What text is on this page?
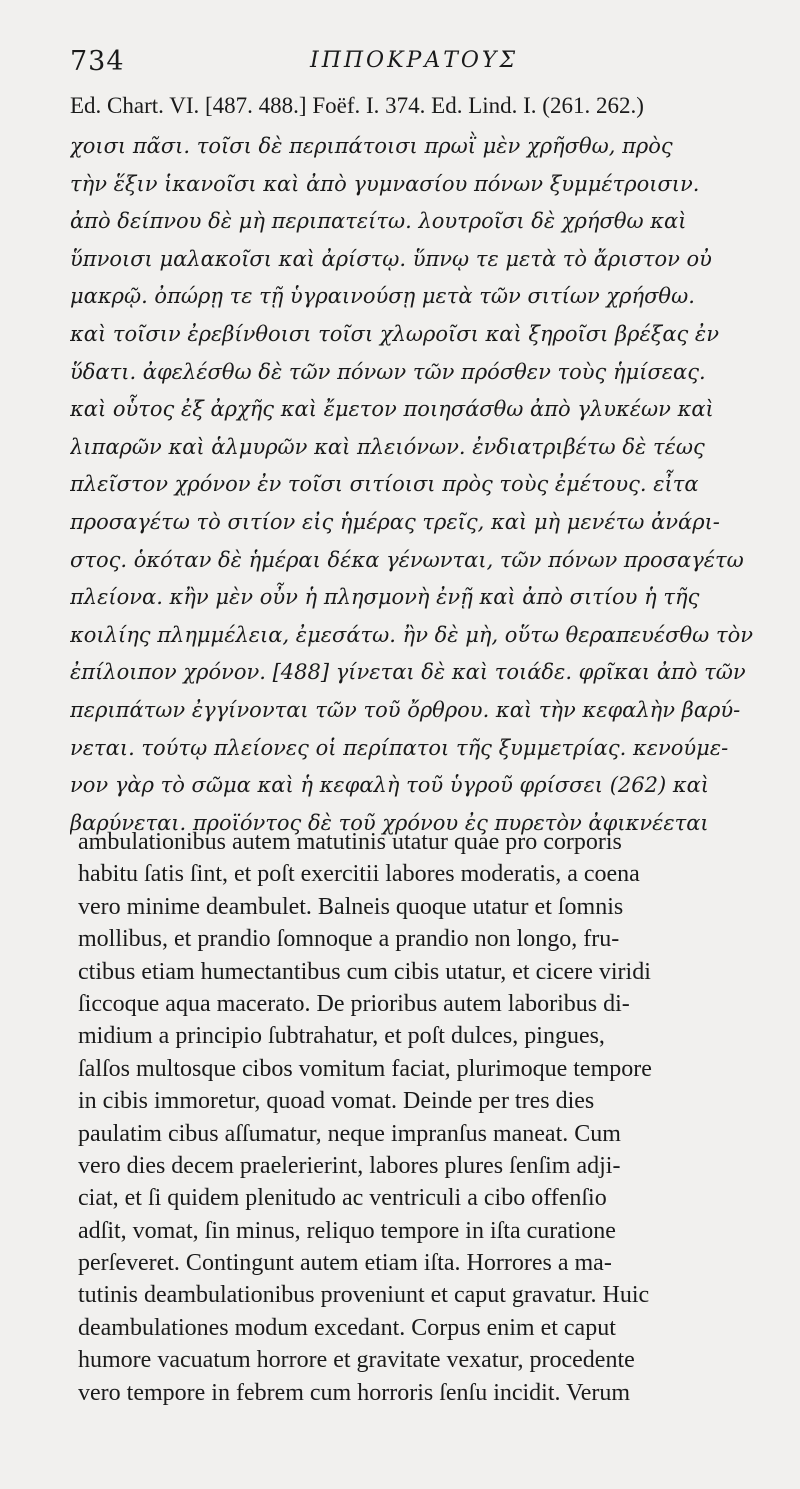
734	ΙΠΠΟΚΡΑΤΟΥΣ
Ed. Chart. VI. [487. 488.] Foëf. I. 374. Ed. Lind. I. (261. 262.)
χοισι πᾶσι. τοῖσι δὲ περιπάτοισι πρωῒ μὲν χρῆσθω, πρὸς
τὴν ἕξιν ἱκανοῖσι καὶ ἀπὸ γυμνασίου πόνων ξυμμέτροισιν.
ἀπὸ δείπνου δὲ μὴ περιπατείτω. λουτροῖσι δὲ χρήσθω καὶ
ὕπνοισι μαλακοῖσι καὶ ἀρίστῳ. ὕπνῳ τε μετὰ τὸ ἄριστον οὐ
μακρῷ. ὀπώρῃ τε τῇ ὑγραινούσῃ μετὰ τῶν σιτίων χρήσθω.
καὶ τοῖσιν ἐρεβίνθοισι τοῖσι χλωροῖσι καὶ ξηροῖσι βρέξας ἐν
ὕδατι. ἀφελέσθω δὲ τῶν πόνων τῶν πρόσθεν τοὺς ἡμίσεας.
καὶ οὗτος ἐξ ἀρχῆς καὶ ἔμετον ποιησάσθω ἀπὸ γλυκέων καὶ
λιπαρῶν καὶ ἁλμυρῶν καὶ πλειόνων. ἐνδιατριβέτω δὲ τέως
πλεῖστον χρόνον ἐν τοῖσι σιτίοισι πρὸς τοὺς ἐμέτους. εἶτα
προσαγέτω τὸ σιτίον εἰς ἡμέρας τρεῖς, καὶ μὴ μενέτω ἀνάρι-
στος. ὁκόταν δὲ ἡμέραι δέκα γένωνται, τῶν πόνων προσαγέτω
πλείονα. κἢν μὲν οὖν ἡ πλησμονὴ ἐνῇ καὶ ἀπὸ σιτίου ἡ τῆς
κοιλίης πλημμέλεια, ἐμεσάτω. ἢν δὲ μὴ, οὕτω θεραπευέσθω τὸν
ἐπίλοιπον χρόνον. [488] γίνεται δὲ καὶ τοιάδε. φρῖκαι ἀπὸ τῶν
περιπάτων ἐγγίνονται τῶν τοῦ ὄρθρου. καὶ τὴν κεφαλὴν βαρύ-
νεται. τούτῳ πλείονες οἱ περίπατοι τῆς ξυμμετρίας. κενούμε-
νον γὰρ τὸ σῶμα καὶ ἡ κεφαλὴ τοῦ ὑγροῦ φρίσσει (262) καὶ
βαρύνεται. προϊόντος δὲ τοῦ χρόνου ἐς πυρετὸν ἀφικνέεται
ambulationibus autem matutinis utatur quae pro corporis
habitu ſatis ſint, et poſt exercitii labores moderatis, a coena
vero minime deambulet. Balneis quoque utatur et ſomnis
mollibus, et prandio ſomnoque a prandio non longo, fru-
ctibus etiam humectantibus cum cibis utatur, et cicere viridi
ſiccoque aqua macerato. De prioribus autem laboribus di-
midium a principio ſubtrahatur, et poſt dulces, pingues,
ſalſos multosque cibos vomitum faciat, plurimoque tempore
in cibis immoretur, quoad vomat. Deinde per tres dies
paulatim cibus aſſumatur, neque impranſus maneat. Cum
vero dies decem praelerierint, labores plures ſenſim adji-
ciat, et ſi quidem plenitudo ac ventriculi a cibo offenſio
adſit, vomat, ſin minus, reliquo tempore in iſta curatione
perſeveret. Contingunt autem etiam iſta. Horrores a ma-
tutinis deambulationibus proveniunt et caput gravatur. Huic
deambulationes modum excedant. Corpus enim et caput
humore vacuatum horrore et gravitate vexatur, procedente
vero tempore in febrem cum horroris ſenſu incidit. Verum
